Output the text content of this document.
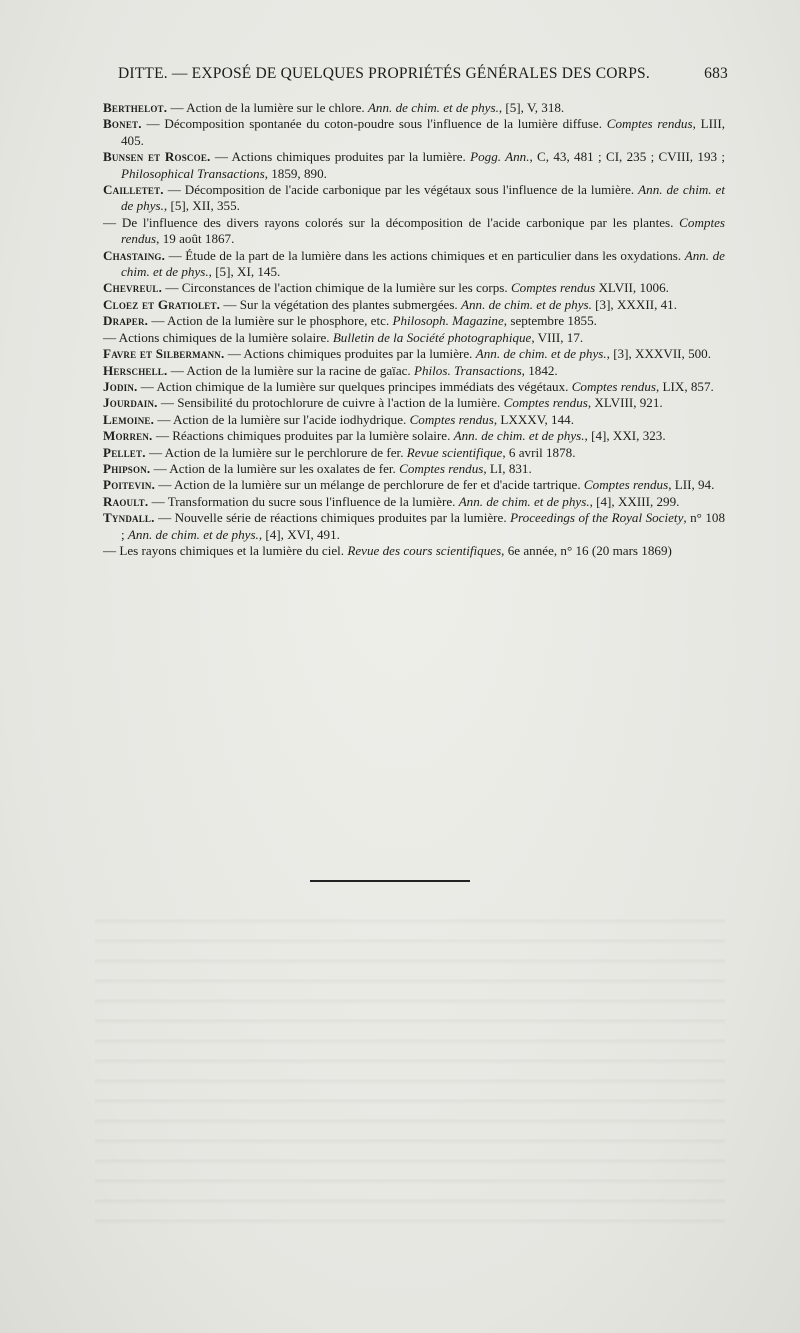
DITTE. — EXPOSÉ DE QUELQUES PROPRIÉTÉS GÉNÉRALES DES CORPS.	683

Berthelot. — Action de la lumière sur le chlore. Ann. de chim. et de phys., [5], V, 318.

Bonet. — Décomposition spontanée du coton-poudre sous l'influence de la lumière diffuse. Comptes rendus, LIII, 405.

Bunsen et Roscoe. — Actions chimiques produites par la lumière. Pogg. Ann., C, 43, 481 ; CI, 235 ; CVIII, 193 ; Philosophical Transactions, 1859, 890.

Cailletet. — Décomposition de l'acide carbonique par les végétaux sous l'influence de la lumière. Ann. de chim. et de phys., [5], XII, 355.

— De l'influence des divers rayons colorés sur la décomposition de l'acide carbonique par les plantes. Comptes rendus, 19 août 1867.

Chastaing. — Étude de la part de la lumière dans les actions chimiques et en particulier dans les oxydations. Ann. de chim. et de phys., [5], XI, 145.

Chevreul. — Circonstances de l'action chimique de la lumière sur les corps. Comptes rendus XLVII, 1006.

Cloez et Gratiolet. — Sur la végétation des plantes submergées. Ann. de chim. et de phys. [3], XXXII, 41.

Draper. — Action de la lumière sur le phosphore, etc. Philosoph. Magazine, septembre 1855.

— Actions chimiques de la lumière solaire. Bulletin de la Société photographique, VIII, 17.

Favre et Silbermann. — Actions chimiques produites par la lumière. Ann. de chim. et de phys., [3], XXXVII, 500.

Herschell. — Action de la lumière sur la racine de gaïac. Philos. Transactions, 1842.

Jodin. — Action chimique de la lumière sur quelques principes immédiats des végétaux. Comptes rendus, LIX, 857.

Jourdain. — Sensibilité du protochlorure de cuivre à l'action de la lumière. Comptes rendus, XLVIII, 921.

Lemoine. — Action de la lumière sur l'acide iodhydrique. Comptes rendus, LXXXV, 144.

Morren. — Réactions chimiques produites par la lumière solaire. Ann. de chim. et de phys., [4], XXI, 323.

Pellet. — Action de la lumière sur le perchlorure de fer. Revue scientifique, 6 avril 1878.

Phipson. — Action de la lumière sur les oxalates de fer. Comptes rendus, LI, 831.

Poitevin. — Action de la lumière sur un mélange de perchlorure de fer et d'acide tartrique. Comptes rendus, LII, 94.

Raoult. — Transformation du sucre sous l'influence de la lumière. Ann. de chim. et de phys., [4], XXIII, 299.

Tyndall. — Nouvelle série de réactions chimiques produites par la lumière. Proceedings of the Royal Society, n° 108 ; Ann. de chim. et de phys., [4], XVI, 491.

— Les rayons chimiques et la lumière du ciel. Revue des cours scientifiques, 6e année, n° 16 (20 mars 1869)
